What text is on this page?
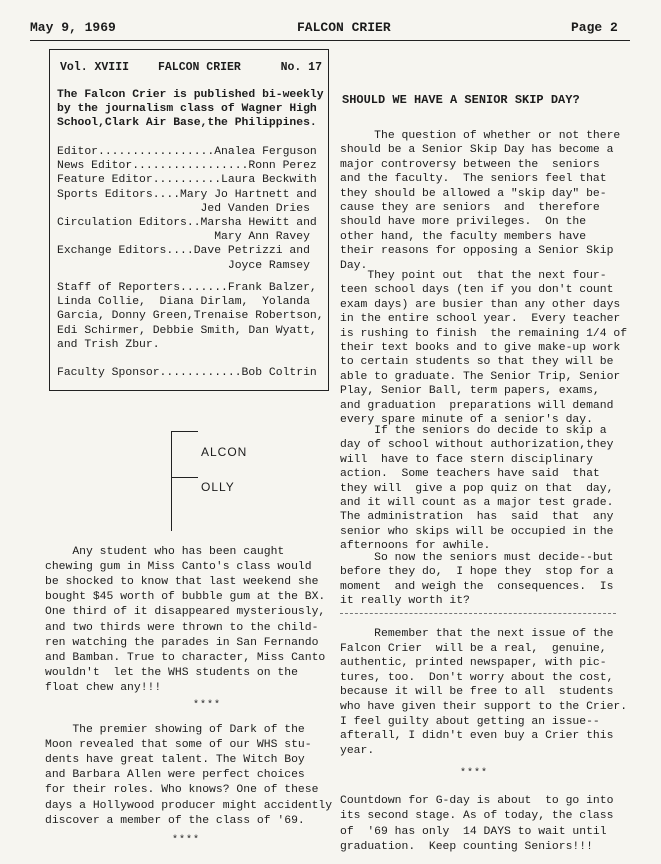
May 9, 1969	FALCON CRIER	Page 2
Vol. XVIII	FALCON CRIER	No. 17
The Falcon Crier is published bi-weekly
by the journalism class of Wagner High
School,Clark Air Base,the Philippines.
Editor.................Analea Ferguson
News Editor.................Ronn Perez
Feature Editor..........Laura Beckwith
Sports Editors....Mary Jo Hartnett and
Jed Vanden Dries
Circulation Editors..Marsha Hewitt and
Mary Ann Ravey
Exchange Editors....Dave Petrizzi and
Joyce Ramsey
Staff of Reporters.......Frank Balzer,
Linda Collie,  Diana Dirlam,  Yolanda
Garcia, Donny Green,Trenaise Robertson,
Edi Schirmer, Debbie Smith, Dan Wyatt,
and Trish Zbur.
Faculty Sponsor............Bob Coltrin
ALCON
OLLY
Any student who has been caught
chewing gum in Miss Canto's class would
be shocked to know that last weekend she
bought $45 worth of bubble gum at the BX.
One third of it disappeared mysteriously,
and two thirds were thrown to the child-
ren watching the parades in San Fernando
and Bamban. True to character, Miss Canto
wouldn't  let the WHS students on the
float chew any!!!
****
The premier showing of Dark of the
Moon revealed that some of our WHS stu-
dents have great talent. The Witch Boy
and Barbara Allen were perfect choices
for their roles. Who knows? One of these
days a Hollywood producer might accidently
discover a member of the class of '69.
****
SHOULD WE HAVE A SENIOR SKIP DAY?
The question of whether or not there
should be a Senior Skip Day has become a
major controversy between the  seniors
and the faculty.  The seniors feel that
they should be allowed a "skip day" be-
cause they are seniors  and  therefore
should have more privileges.  On the
other hand, the faculty members have
their reasons for opposing a Senior Skip
Day.
They point out  that the next four-
teen school days (ten if you don't count
exam days) are busier than any other days
in the entire school year.  Every teacher
is rushing to finish  the remaining 1/4 of
their text books and to give make-up work
to certain students so that they will be
able to graduate. The Senior Trip, Senior
Play, Senior Ball, term papers, exams,
and graduation  preparations will demand
every spare minute of a senior's day.
If the seniors do decide to skip a
day of school without authorization,they
will  have to face stern disciplinary
action.  Some teachers have said  that
they will  give a pop quiz on that  day,
and it will count as a major test grade.
The administration  has  said  that  any
senior who skips will be occupied in the
afternoons for awhile.
So now the seniors must decide--but
before they do,  I hope they  stop for a
moment  and weigh the  consequences.  Is
it really worth it?
Remember that the next issue of the
Falcon Crier  will be a real,  genuine,
authentic, printed newspaper, with pic-
tures, too.  Don't worry about the cost,
because it will be free to all  students
who have given their support to the Crier.
I feel guilty about getting an issue--
afterall, I didn't even buy a Crier this
year.
****
Countdown for G-day is about  to go into
its second stage. As of today, the class
of  '69 has only  14 DAYS to wait until
graduation.  Keep counting Seniors!!!
